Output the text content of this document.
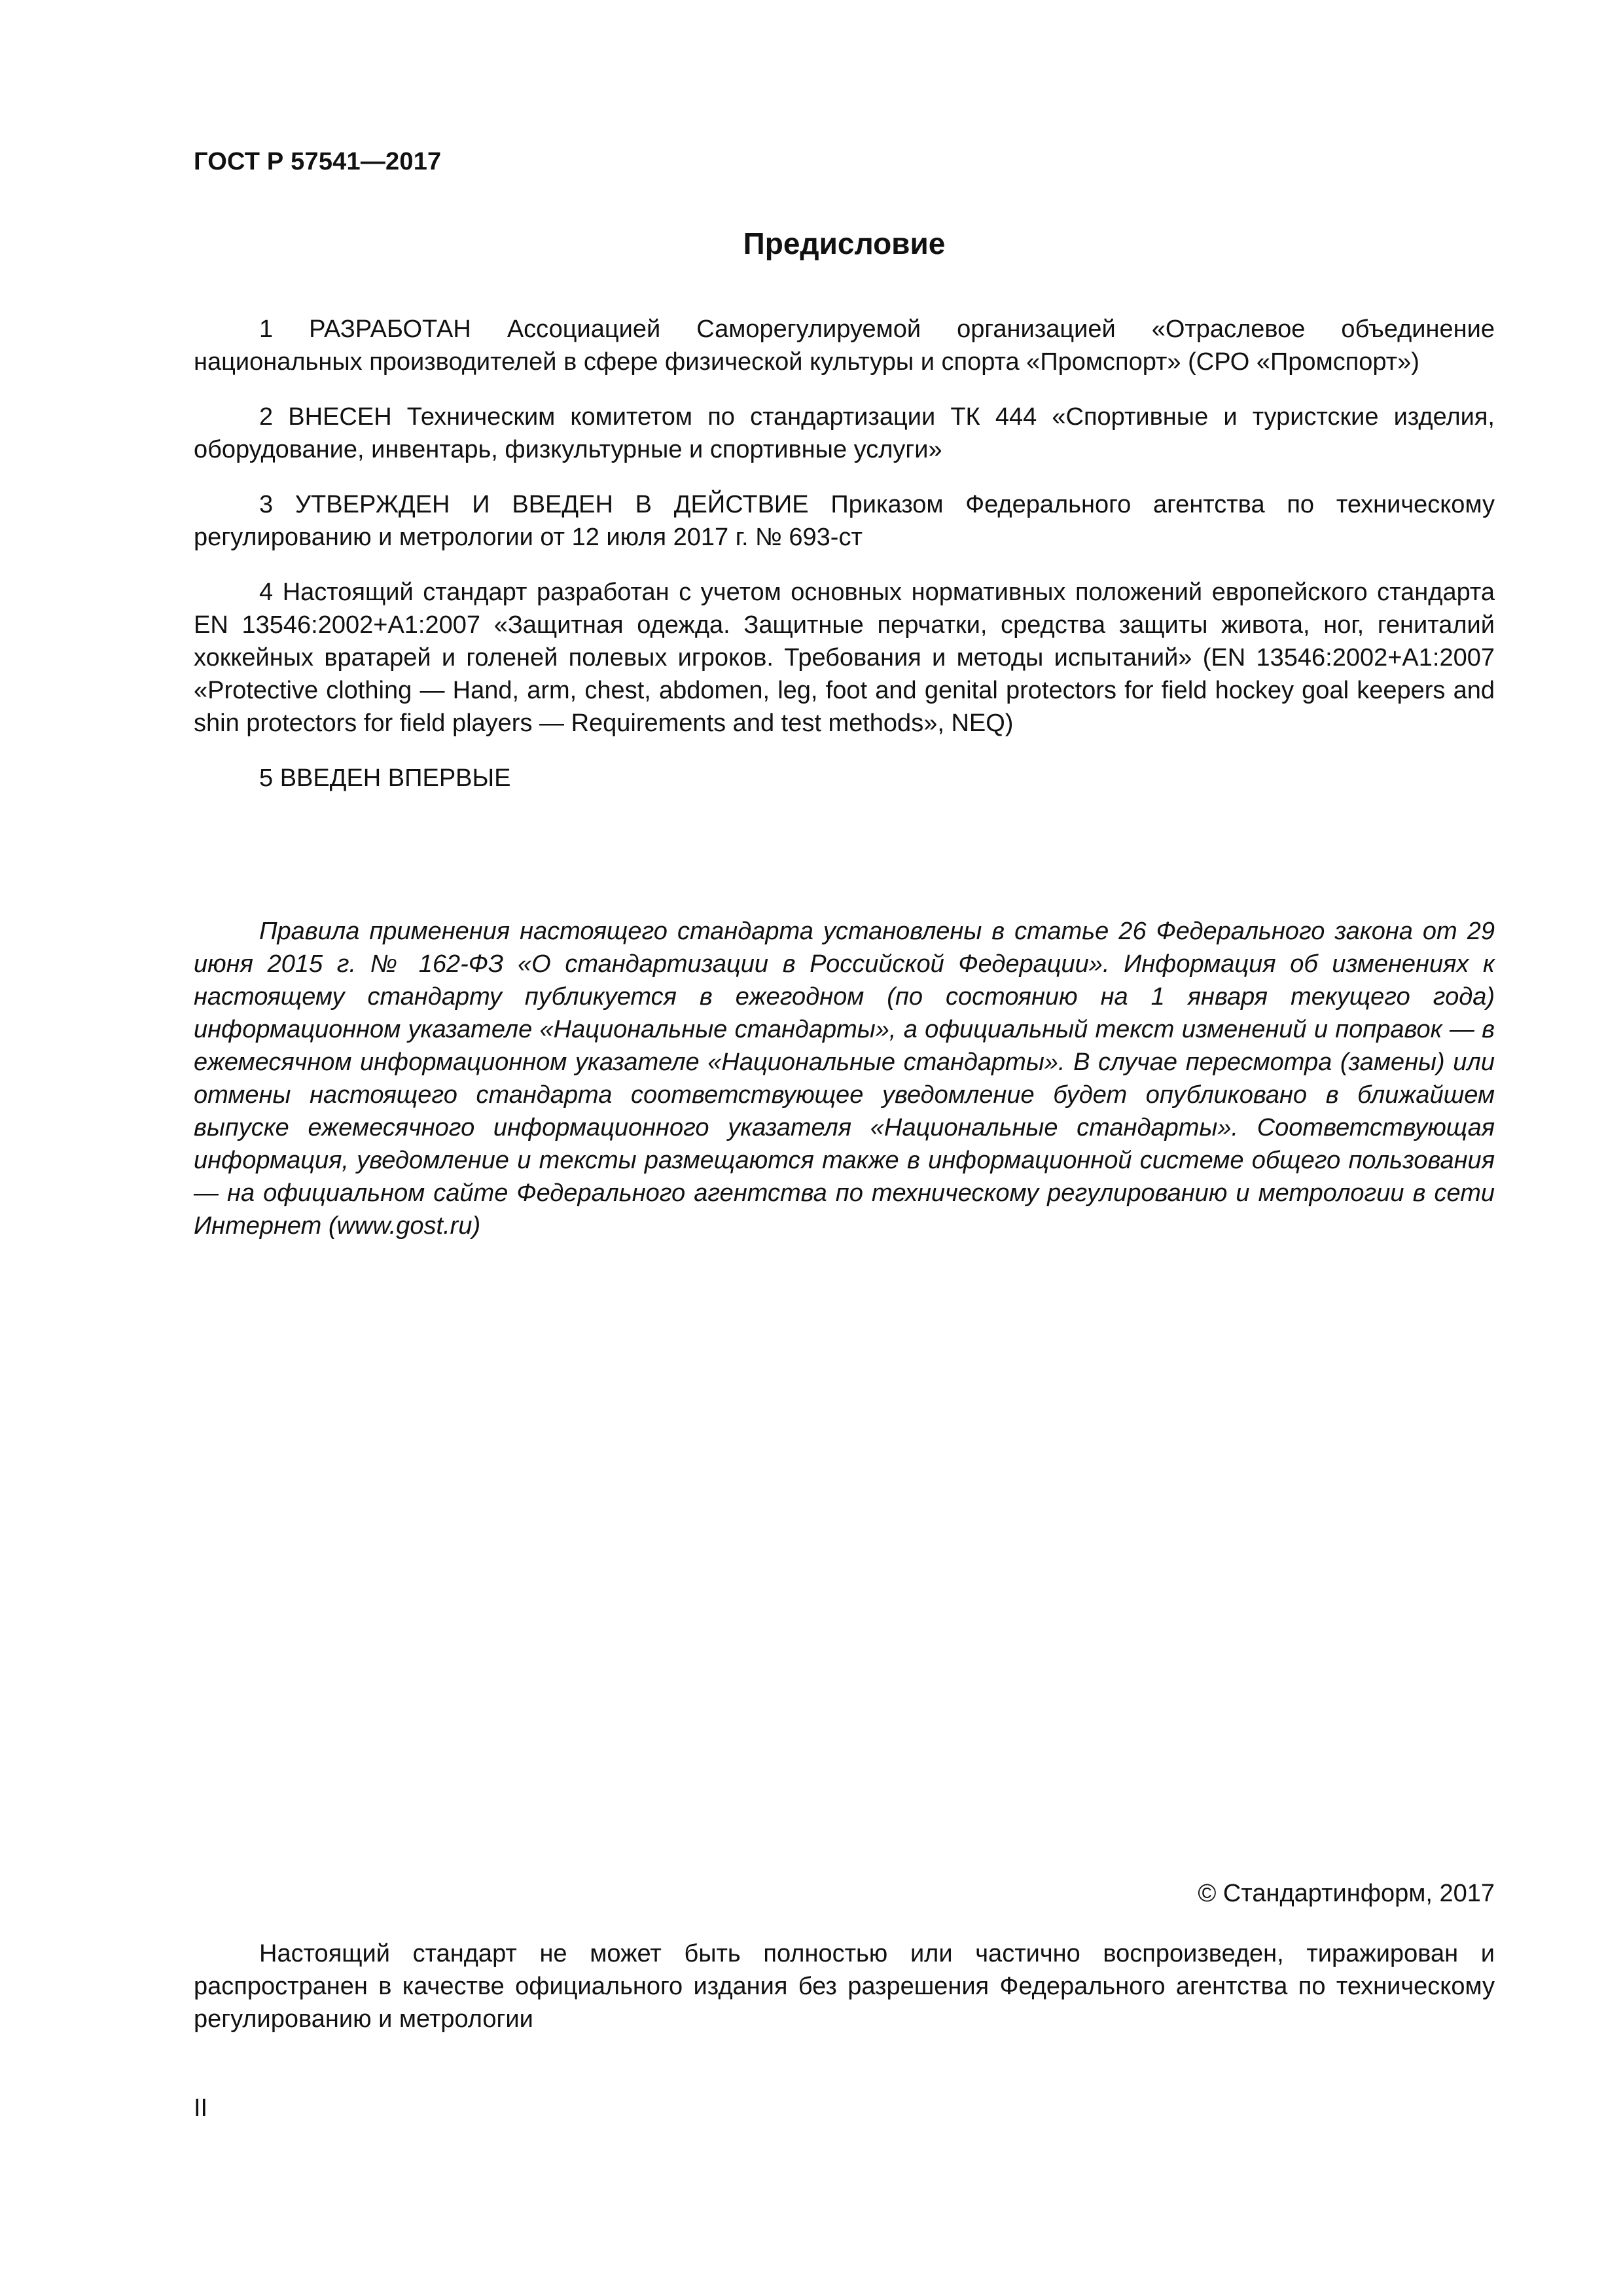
ГОСТ Р 57541—2017
Предисловие

1 РАЗРАБОТАН Ассоциацией Саморегулируемой организацией «Отраслевое объединение национальных производителей в сфере физической культуры и спорта «Промспорт» (СРО «Промспорт»)

2 ВНЕСЕН Техническим комитетом по стандартизации ТК 444 «Спортивные и туристские изделия, оборудование, инвентарь, физкультурные и спортивные услуги»

3 УТВЕРЖДЕН И ВВЕДЕН В ДЕЙСТВИЕ Приказом Федерального агентства по техническому регулированию и метрологии от 12 июля 2017 г. № 693-ст

4 Настоящий стандарт разработан с учетом основных нормативных положений европейского стандарта EN 13546:2002+A1:2007 «Защитная одежда. Защитные перчатки, средства защиты живота, ног, гениталий хоккейных вратарей и голеней полевых игроков. Требования и методы испытаний» (EN 13546:2002+A1:2007 «Protective clothing — Hand, arm, chest, abdomen, leg, foot and genital protectors for field hockey goal keepers and shin protectors for field players — Requirements and test methods», NEQ)

5 ВВЕДЕН ВПЕРВЫЕ

Правила применения настоящего стандарта установлены в статье 26 Федерального закона от 29 июня 2015 г. № 162-ФЗ «О стандартизации в Российской Федерации». Информация об изменениях к настоящему стандарту публикуется в ежегодном (по состоянию на 1 января текущего года) информационном указателе «Национальные стандарты», а официальный текст изменений и поправок — в ежемесячном информационном указателе «Национальные стандарты». В случае пересмотра (замены) или отмены настоящего стандарта соответствующее уведомление будет опубликовано в ближайшем выпуске ежемесячного информационного указателя «Национальные стандарты». Соответствующая информация, уведомление и тексты размещаются также в информационной системе общего пользования — на официальном сайте Федерального агентства по техническому регулированию и метрологии в сети Интернет (www.gost.ru)

© Стандартинформ, 2017

Настоящий стандарт не может быть полностью или частично воспроизведен, тиражирован и распространен в качестве официального издания без разрешения Федерального агентства по техническому регулированию и метрологии

II
